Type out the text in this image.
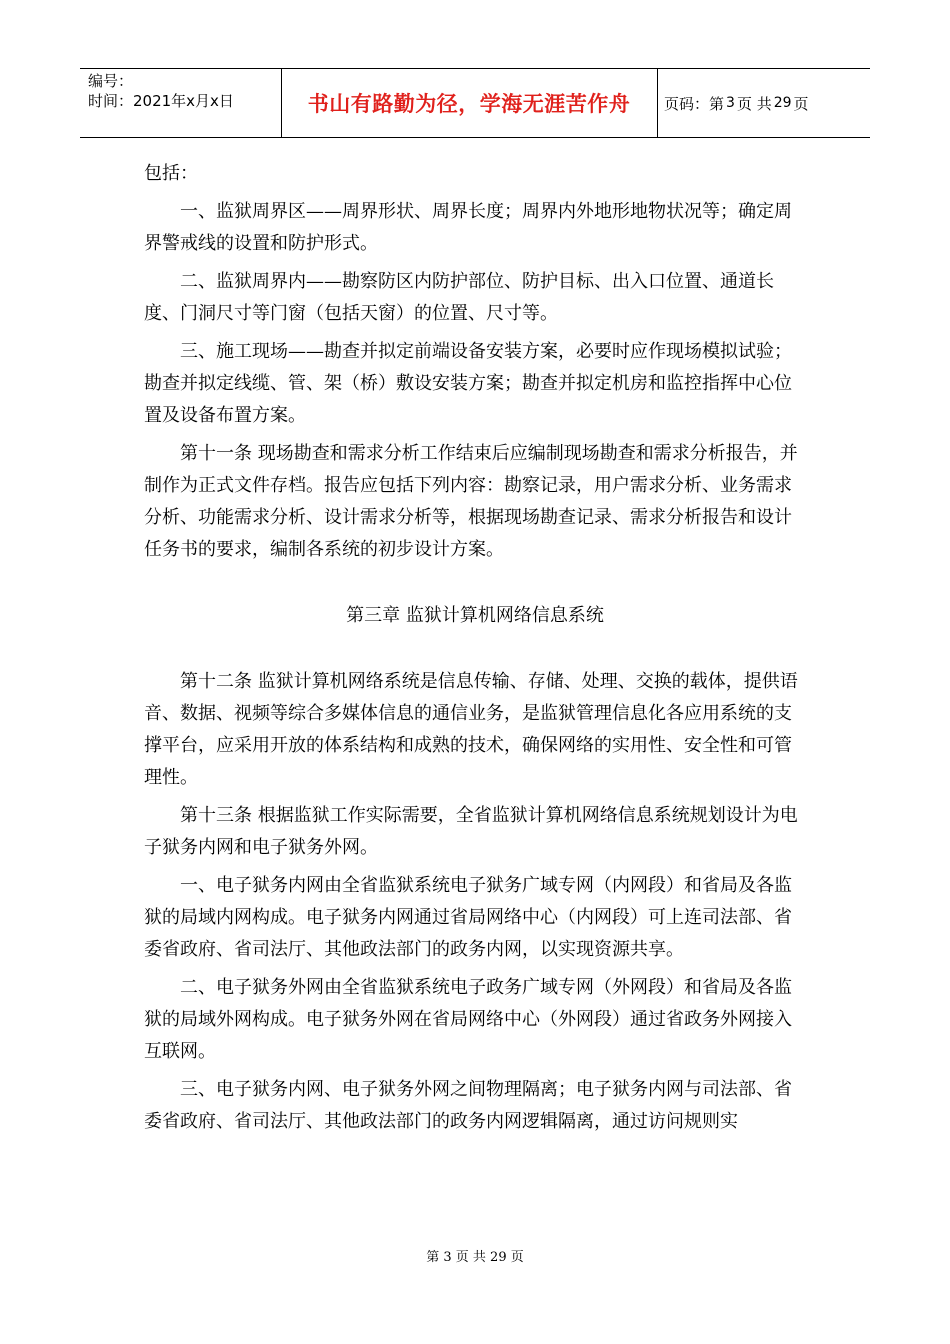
编号：
时间：2021年x月x日	书山有路勤为径，学海无涯苦作舟	页码：第 3 页 共 29 页

包括：

一、监狱周界区——周界形状、周界长度；周界内外地形地物状况等；确定周界警戒线的设置和防护形式。

二、监狱周界内——勘察防区内防护部位、防护目标、出入口位置、通道长度、门洞尺寸等门窗（包括天窗）的位置、尺寸等。

三、施工现场——勘查并拟定前端设备安装方案，必要时应作现场模拟试验；勘查并拟定线缆、管、架（桥）敷设安装方案；勘查并拟定机房和监控指挥中心位置及设备布置方案。

第十一条 现场勘查和需求分析工作结束后应编制现场勘查和需求分析报告，并制作为正式文件存档。报告应包括下列内容：勘察记录，用户需求分析、业务需求分析、功能需求分析、设计需求分析等，根据现场勘查记录、需求分析报告和设计任务书的要求，编制各系统的初步设计方案。

第三章 监狱计算机网络信息系统

第十二条 监狱计算机网络系统是信息传输、存储、处理、交换的载体，提供语音、数据、视频等综合多媒体信息的通信业务，是监狱管理信息化各应用系统的支撑平台，应采用开放的体系结构和成熟的技术，确保网络的实用性、安全性和可管理性。

第十三条 根据监狱工作实际需要，全省监狱计算机网络信息系统规划设计为电子狱务内网和电子狱务外网。

一、电子狱务内网由全省监狱系统电子狱务广域专网（内网段）和省局及各监狱的局域内网构成。电子狱务内网通过省局网络中心（内网段）可上连司法部、省委省政府、省司法厅、其他政法部门的政务内网，以实现资源共享。

二、电子狱务外网由全省监狱系统电子政务广域专网（外网段）和省局及各监狱的局域外网构成。电子狱务外网在省局网络中心（外网段）通过省政务外网接入互联网。

三、电子狱务内网、电子狱务外网之间物理隔离；电子狱务内网与司法部、省委省政府、省司法厅、其他政法部门的政务内网逻辑隔离，通过访问规则实

第 3 页 共 29 页
